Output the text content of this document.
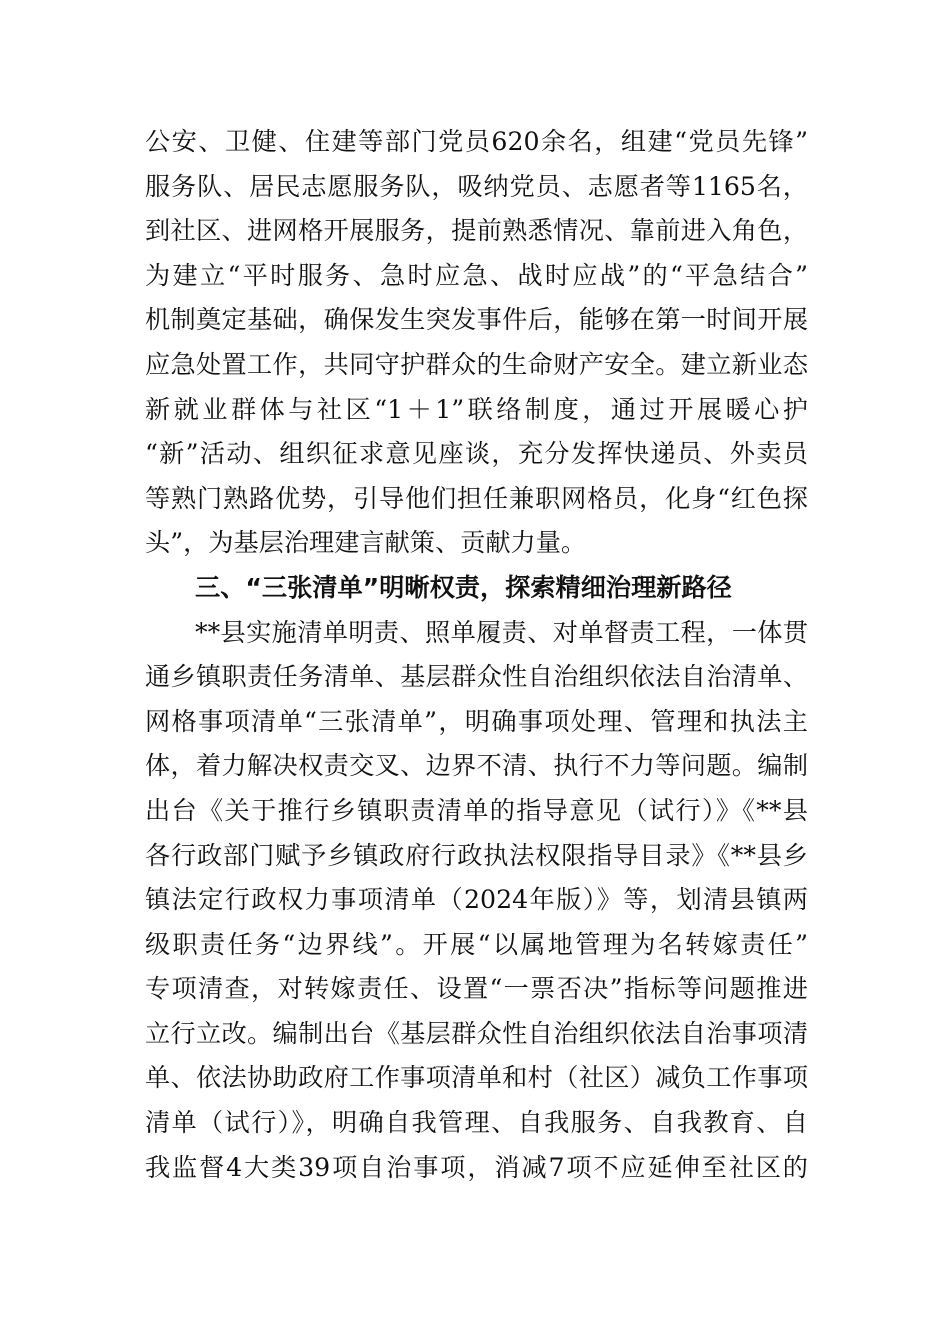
公安、卫健、住建等部门党员620余名，组建“党员先锋”
服务队、居民志愿服务队，吸纳党员、志愿者等1165名，
到社区、进网格开展服务，提前熟悉情况、靠前进入角色，
为建立“平时服务、急时应急、战时应战”的“平急结合”
机制奠定基础，确保发生突发事件后，能够在第一时间开展
应急处置工作，共同守护群众的生命财产安全。建立新业态
新就业群体与社区“1＋1”联络制度，通过开展暖心护
“新”活动、组织征求意见座谈，充分发挥快递员、外卖员
等熟门熟路优势，引导他们担任兼职网格员，化身“红色探
头”，为基层治理建言献策、贡献力量。
三、“三张清单”明晰权责，探索精细治理新路径
**县实施清单明责、照单履责、对单督责工程，一体贯
通乡镇职责任务清单、基层群众性自治组织依法自治清单、
网格事项清单“三张清单”，明确事项处理、管理和执法主
体，着力解决权责交叉、边界不清、执行不力等问题。编制
出台《关于推行乡镇职责清单的指导意见（试行）》《**县
各行政部门赋予乡镇政府行政执法权限指导目录》《**县乡
镇法定行政权力事项清单（2024年版）》等，划清县镇两
级职责任务“边界线”。开展“以属地管理为名转嫁责任”
专项清查，对转嫁责任、设置“一票否决”指标等问题推进
立行立改。编制出台《基层群众性自治组织依法自治事项清
单、依法协助政府工作事项清单和村（社区）减负工作事项
清单（试行）》，明确自我管理、自我服务、自我教育、自
我监督4大类39项自治事项，消减7项不应延伸至社区的
